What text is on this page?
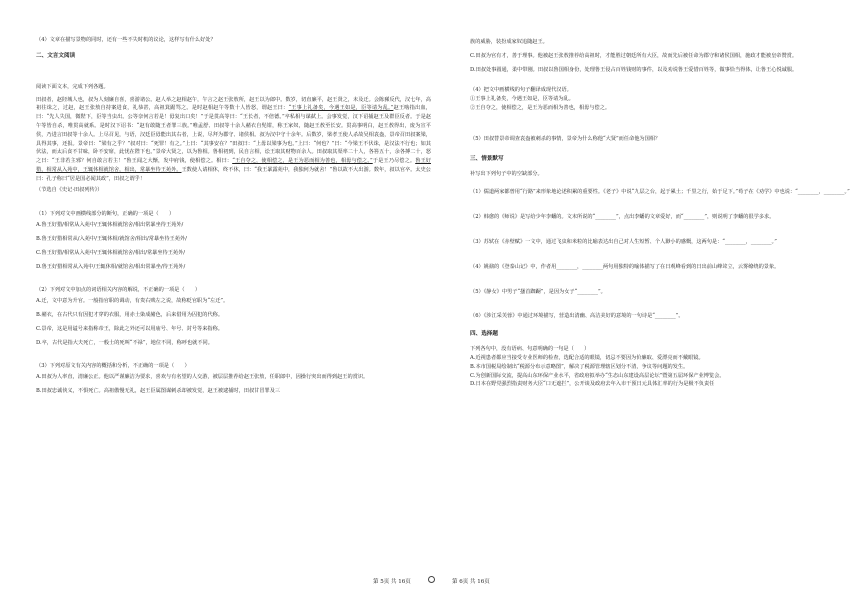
（4）文章在描写景物的同时，还有一些不失时机的议论，这样写有什么好处？

二、文言文阅读

阅读下面文本，完成下列各题。

田叔者，赵陉城人也，叔为人刻廉自喜，喜游诸公。赵人举之赵相赵午，午言之赵王张敖所，赵王以为郎中。数岁，切直廉平，赵王贤之，未及迁。会陈豨反代，汉七年，高祖往诛之，过赵，赵王张敖自持案进食，礼恭甚，高祖箕踞骂之。是时赵相赵午等数十人皆怒，谓赵王曰：“王事上礼备矣，今遇王如是，臣等请为乱。”赵王啮指出血，曰：“先人失国，微陛下，臣等当虫出。公等奈何言若是！毋复出口矣！”于是贯高等曰：“王长者，不倍德。”卒私相与谋弑上。会事发觉，汉下诏捕赵王及群臣反者。于是赵午等皆自杀，唯贯高就系。是时汉下诏书：“赵有敢随王者罪三族。”唯孟舒、田叔等十余人赭衣自髡钳，称王家奴，随赵王敖至长安。贯高事明白，赵王敖得出，废为宣平侯，乃进言田叔等十余人。上尽召见，与语，汉廷臣毋能出其右者，上说，尽拜为郡守、诸侯相。叔为汉中守十余年。后数岁，梁孝王使人杀故吴相袁盎，景帝召田叔案梁，具得其事，还报。景帝曰：“梁有之乎？”叔对曰：“死罪！有之。”上曰：“其事安在？”田叔曰：“上毋以梁事为也。”上曰：“何也？”曰：“今梁王不伏诛，是汉法不行也；如其伏法，而太后食不甘味，卧不安席，此忧在陛下也。”景帝大贤之，以为鲁相。鲁相初到，民自言相，讼王取其财物百余人。田叔取其渠率二十人，各笞五十，余各搏二十，怒之曰：“王非若主邪？何自敢言若主！”鲁王闻之大惭，发中府钱，使相偿之。相曰：“王自夺之，使相偿之，是王为恶而相为善也，相毋与偿之。”于是王乃尽偿之。鲁王好猎，相常从入苑中，王辄休相就馆舍，相出，常暴坐待王苑外。王数使人请相休，终不休，曰：“我王暴露苑中，我独何为就舍！”鲁以故不大出游。数年，叔以官卒。太史公曰：孔子称曰“居是国必闻其政”，田叔之谓乎！

（节选自《史记·田叔列传》）

（1）下列对文中画横线部分的断句，正确的一项是（　　）

A.鲁王好猎/相常从入苑中/王辄休相就馆舍/相出常暴坐待王苑外/

B.鲁王好猎相常从/入苑中/王辄休相/就馆舍/相出/常暴坐待王苑外/

C.鲁王好猎/相常从入苑中/王辄休相就馆舍/相出/常暴坐待王苑外/

D.鲁王好猎相常从入苑中/王辄休相/就馆舍/相出常暴坐/待王苑外/

（2）下列对文中加点的词语相关内容的解说，不正确的一项是（　　）

A.迁，文中意为升官。一般指官职的调动，有贵右贱左之说，故称贬官职为“左迁”。

B.赭衣，在古代只有因犯才穿的衣服，用赤土染成赭色，后来借用为囚犯的代称。

C.景帝，这是用谥号来指称帝王，除此之外还可以用庙号、年号、封号等来指称。

D.卒，古代是指大夫死亡，一般士的死叫“不禄”，地位不同，称呼也就不同。

（3）下列对原文有关内容的概括和分析，不正确的一项是（　　）

A.田叔为人率直，清廉公正。他以严谨廉洁为要求，喜欢与有名望的人交游，被层层推荐给赵王张敖，任职郎中，因操行突出而得到赵王的赏识。

B.田叔忠诚侠义，不惧死亡。高祖傲慢无礼，赵王臣属图谋刺杀却被发觉，赵王被逮捕时，田叔甘冒罪及三

族的威胁，装扮成家奴追随赵王。

C.田叔为官有才，善于理事。他被赵王张敖推荐给高祖时，才能胜过朝廷所有大臣，故而先后被任命为郡守和诸侯国相，施政才能被皇帝赞赏。

D.田叔处事圆通，柔中带刚。田叔以鲁国相身份，处理鲁王侵占百姓钱财的事件，以及劝说鲁王爱惜百姓等，做事恰当得体，让鲁王心悦诚服。

（4）把文中画横线的句子翻译成现代汉语。

①王事上礼备矣，今遇王如是，臣等请为乱。

②王自夺之，使相偿之，是王为恶而相为善也，相毋与偿之。

（5）田叔替景帝调查袁盎被刺杀的事情，景帝为什么称他“大贤”而任命他为国相？

三、情景默写

补写出下列句子中的空缺部分。

（1）儒道两家都曾用“行路”来形象地论述积累的重要性。《老子》中说“九层之台，起于累土；千里之行，始于足下。”荀子在《劝学》中也说：“________，________。”

（2）韩愈的《师说》是写给少年李蟠的。文末所说的“________”，点出李蟠的文章爱好，而“________”，则说明了李蟠的很学多求。

（3）苏轼在《赤壁赋》一文中，通过飞虫和米粒的比喻表达出自己对人生短暂、个人渺小的感慨，这两句是：“________，________。”

（4）姚鼐的《登泰山记》中，作者用________，________两句用独特的喻体描写了在日观峰看到的日出前山峰耸立，云雾缭绕的景象。

（5）《静女》中男子“搔首踟蹰”，是因为女子“________”。

（6）《涉江采芙蓉》中通过环境描写，营造出清幽、高洁美好的意境的一句诗是“________”。

四、选择题

下列各句中，没有语病、句意明确的一句是（　　）

A.近视患者都应当接受专业医师的检查，选配合适的眼镜，切忌不要因为价廉取、爱漂亮而不戴眼镜。

B.本市国税局绘制出“税源分布示意略图”，解决了税源管理辖区划分不清，争议等问题的发生。

C.为创新国际交流，提高山东环保产业水平，省政府拟举办“生态山东建设高层论坛”暨第五届环保产业博览会。

D.日本在野党强烈指责财务大臣“口无遮拦”，公开谈及政府去年入市干预日元具体汇率的行为是极不负责任

第 5页 共 16页	第 6页 共 16页
